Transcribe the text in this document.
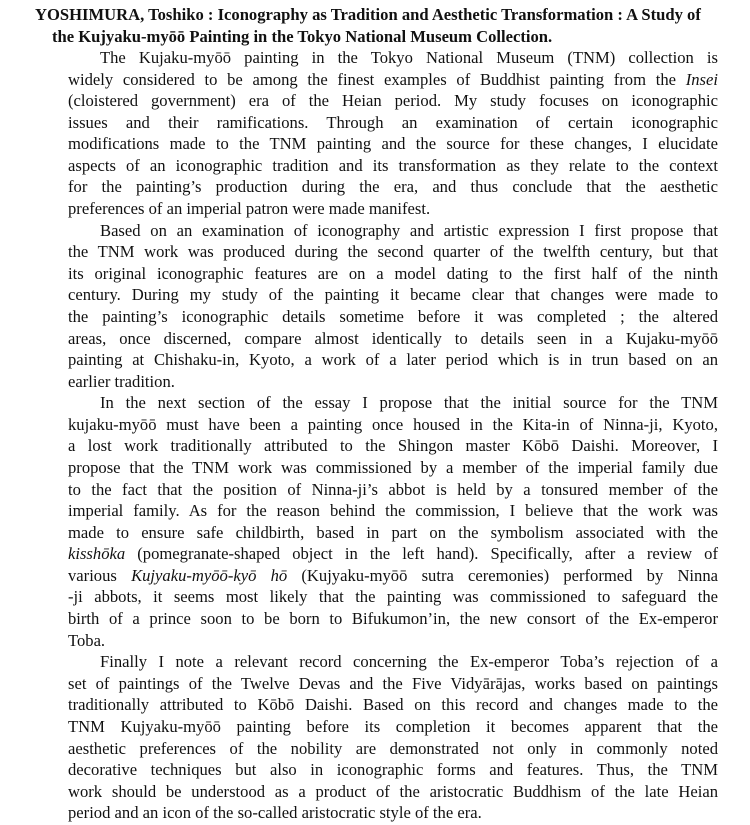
YOSHIMURA, Toshiko : Iconography as Tradition and Aesthetic Transformation : A Study of
the Kujyaku-myōō Painting in the Tokyo National Museum Collection.

The Kujaku-myōō painting in the Tokyo National Museum (TNM) collection is
widely considered to be among the finest examples of Buddhist painting from the Insei
(cloistered government) era of the Heian period. My study focuses on iconographic
issues and their ramifications. Through an examination of certain iconographic
modifications made to the TNM painting and the source for these changes, I elucidate
aspects of an iconographic tradition and its transformation as they relate to the context
for the painting’s production during the era, and thus conclude that the aesthetic
preferences of an imperial patron were made manifest.

Based on an examination of iconography and artistic expression I first propose that
the TNM work was produced during the second quarter of the twelfth century, but that
its original iconographic features are on a model dating to the first half of the ninth
century. During my study of the painting it became clear that changes were made to
the painting’s iconographic details sometime before it was completed ; the altered
areas, once discerned, compare almost identically to details seen in a Kujaku-myōō
painting at Chishaku-in, Kyoto, a work of a later period which is in trun based on an
earlier tradition.

In the next section of the essay I propose that the initial source for the TNM
kujaku-myōō must have been a painting once housed in the Kita-in of Ninna-ji, Kyoto,
a lost work traditionally attributed to the Shingon master Kōbō Daishi. Moreover, I
propose that the TNM work was commissioned by a member of the imperial family due
to the fact that the position of Ninna-ji’s abbot is held by a tonsured member of the
imperial family. As for the reason behind the commission, I believe that the work was
made to ensure safe childbirth, based in part on the symbolism associated with the
kisshōka (pomegranate-shaped object in the left hand). Specifically, after a review of
various Kujyaku-myōō-kyō hō (Kujyaku-myōō sutra ceremonies) performed by Ninna
-ji abbots, it seems most likely that the painting was commissioned to safeguard the
birth of a prince soon to be born to Bifukumon’in, the new consort of the Ex-emperor
Toba.

Finally I note a relevant record concerning the Ex-emperor Toba’s rejection of a
set of paintings of the Twelve Devas and the Five Vidyārājas, works based on paintings
traditionally attributed to Kōbō Daishi. Based on this record and changes made to the
TNM Kujyaku-myōō painting before its completion it becomes apparent that the
aesthetic preferences of the nobility are demonstrated not only in commonly noted
decorative techniques but also in iconographic forms and features. Thus, the TNM
work should be understood as a product of the aristocratic Buddhism of the late Heian
period and an icon of the so-called aristocratic style of the era.
